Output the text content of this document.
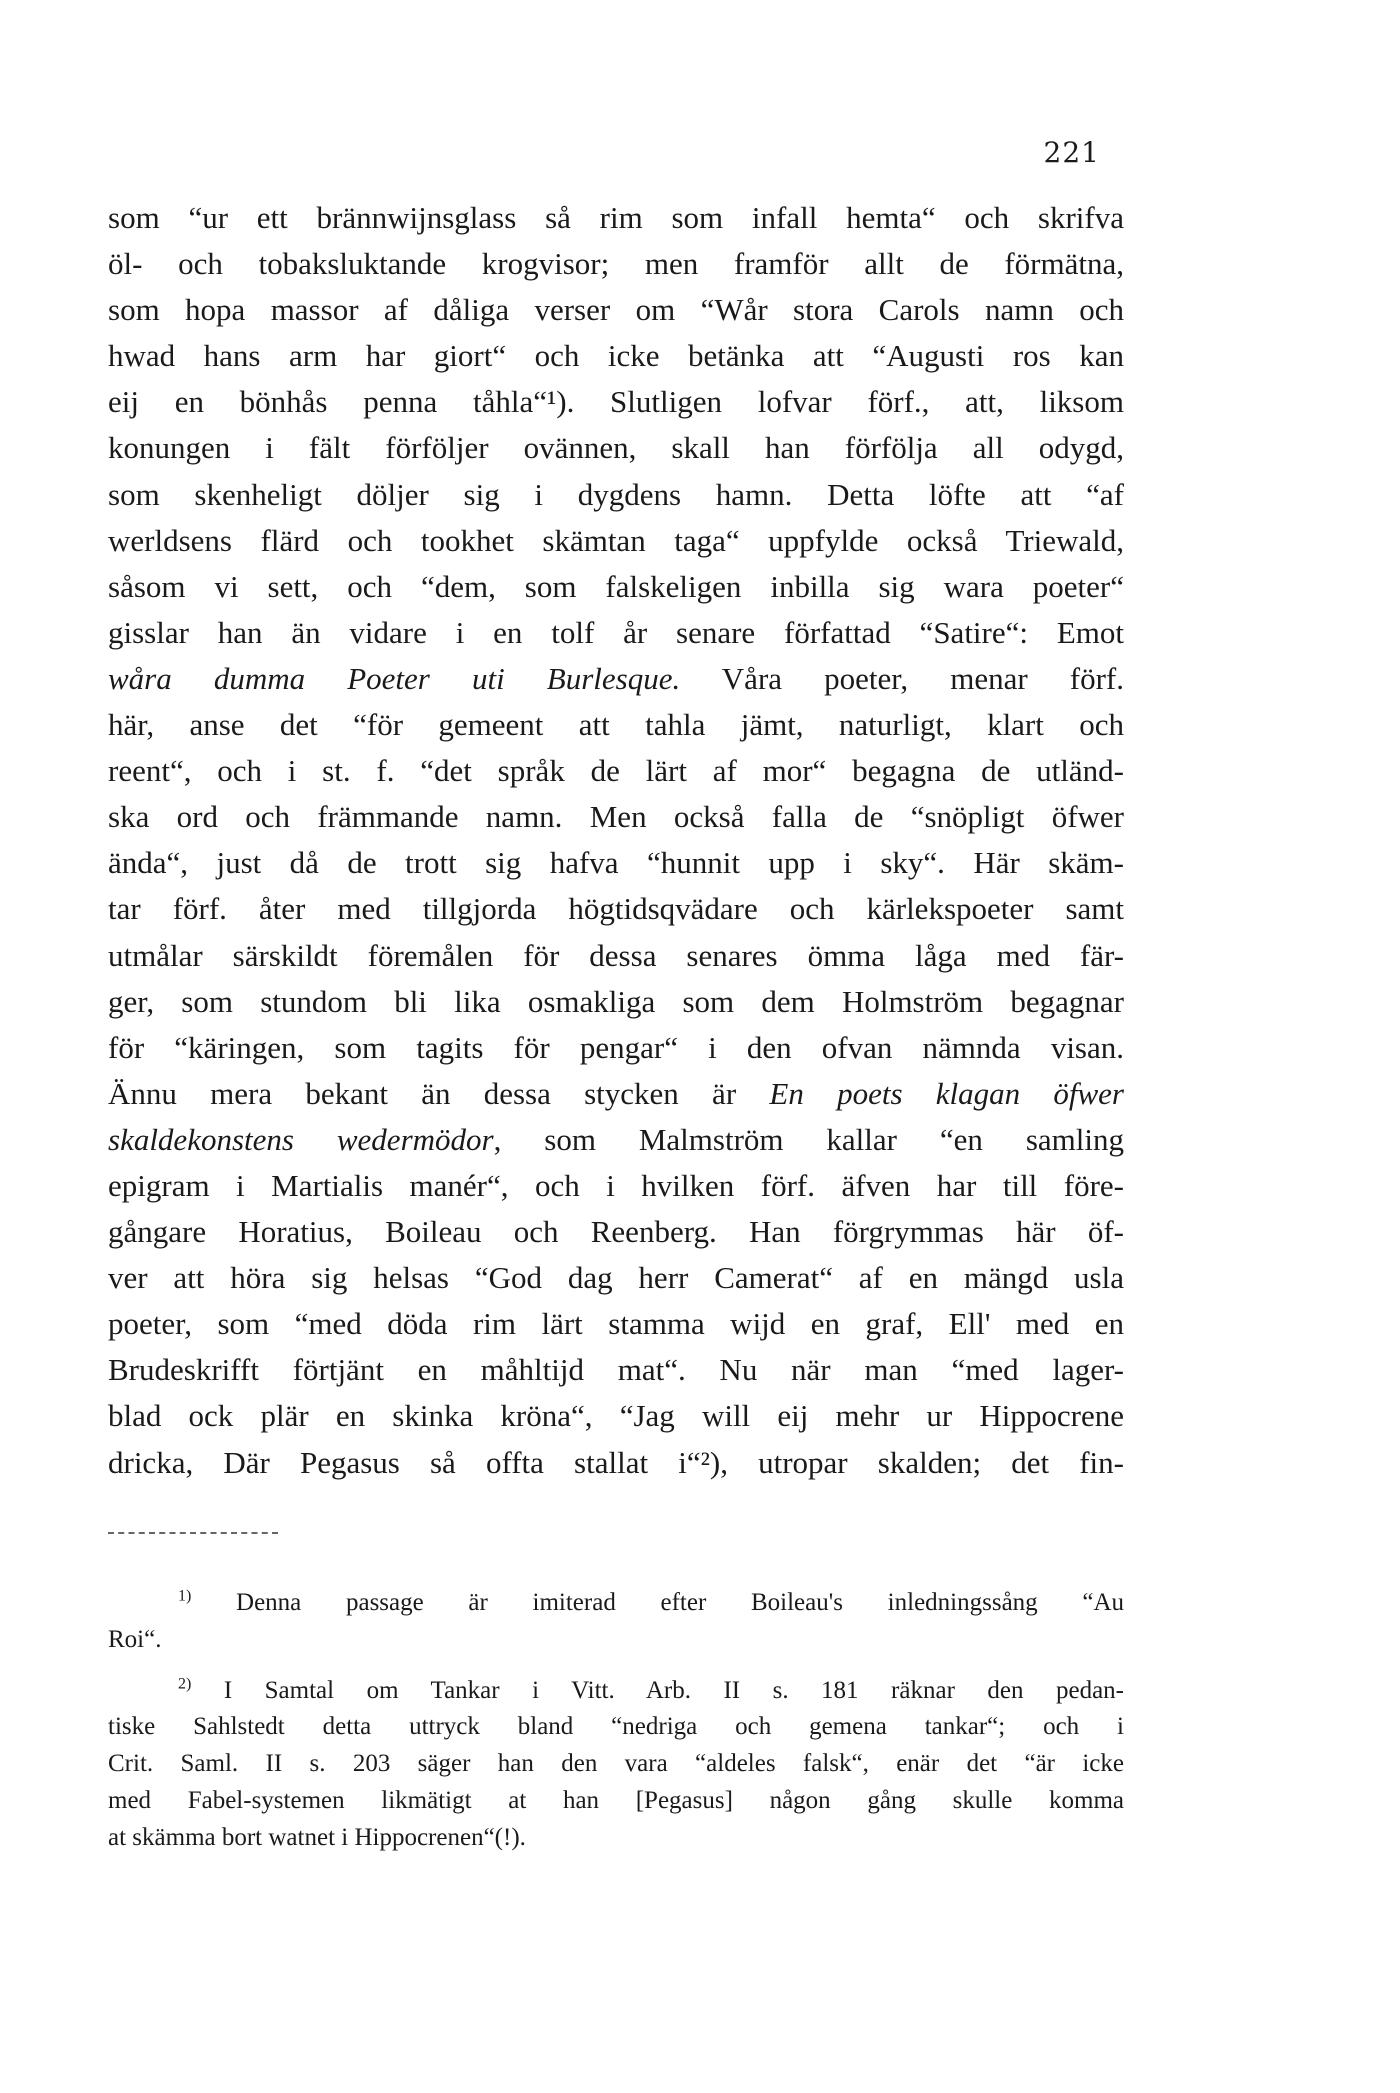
221
som “ur ett brännwijnsglass så rim som infall hemta“ och skrifva
öl- och tobaksluktande krogvisor; men framför allt de förmätna,
som hopa massor af dåliga verser om “Wår stora Carols namn och
hwad hans arm har giort“ och icke betänka att “Augusti ros kan
eij en bönhås penna tåhla“¹). Slutligen lofvar förf., att, liksom
konungen i fält förföljer ovännen, skall han förfölja all odygd,
som skenheligt döljer sig i dygdens hamn. Detta löfte att “af
werldsens flärd och tookhet skämtan taga“ uppfylde också Triewald,
såsom vi sett, och “dem, som falskeligen inbilla sig wara poeter“
gisslar han än vidare i en tolf år senare författad “Satire“: Emot
wåra dumma Poeter uti Burlesque. Våra poeter, menar förf.
här, anse det “för gemeent att tahla jämt, naturligt, klart och
reent“, och i st. f. “det språk de lärt af mor“ begagna de utländ-
ska ord och främmande namn. Men också falla de “snöpligt öfwer
ända“, just då de trott sig hafva “hunnit upp i sky“. Här skäm-
tar förf. åter med tillgjorda högtidsqvädare och kärlekspoeter samt
utmålar särskildt föremålen för dessa senares ömma låga med fär-
ger, som stundom bli lika osmakliga som dem Holmström begagnar
för “käringen, som tagits för pengar“ i den ofvan nämnda visan.
Ännu mera bekant än dessa stycken är En poets klagan öfwer
skaldekonstens wedermödor, som Malmström kallar “en samling
epigram i Martialis manér“, och i hvilken förf. äfven har till före-
gångare Horatius, Boileau och Reenberg. Han förgrymmas här öf-
ver att höra sig helsas “God dag herr Camerat“ af en mängd usla
poeter, som “med döda rim lärt stamma wijd en graf, Ell' med en
Brudeskrifft förtjänt en måhltijd mat“. Nu när man “med lager-
blad ock plär en skinka kröna“, “Jag will eij mehr ur Hippocrene
dricka, Där Pegasus så offta stallat i“²), utropar skalden; det fin-
$^{1)}$ Denna passage är imiterad efter Boileau's inledningssång “Au
Roi“.
$^{2)}$ I Samtal om Tankar i Vitt. Arb. II s. 181 räknar den pedan-
tiske Sahlstedt detta uttryck bland “nedriga och gemena tankar“; och i
Crit. Saml. II s. 203 säger han den vara “aldeles falsk“, enär det “är icke
med Fabel-systemen likmätigt at han [Pegasus] någon gång skulle komma
at skämma bort watnet i Hippocrenen“(!).
